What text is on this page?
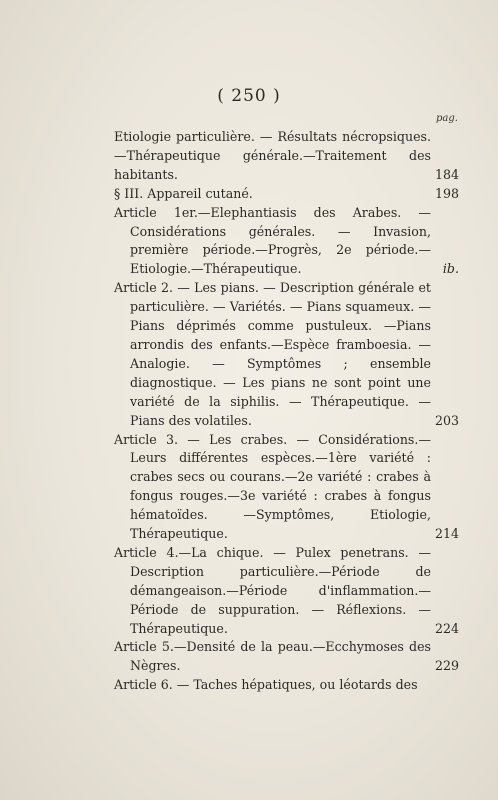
( 250 )
pag.
Etiologie particulière. — Résultats nécropsiques.—Thérapeutique générale.—Traitement des habitants.	184
§ III. Appareil cutané.	198
Article 1er.—Elephantiasis des Arabes. — Considérations générales. — Invasion, première période.—Progrès, 2e période.—Etiologie.—Thérapeutique.	ib.
Article 2. — Les pians. — Description générale et particulière. — Variétés. — Pians squameux. — Pians déprimés comme pustuleux. —Pians arrondis des enfants.—Espèce framboesia. — Analogie. — Symptômes ; ensemble diagnostique. — Les pians ne sont point une variété de la siphilis. — Thérapeutique. — Pians des volatiles.	203
Article 3. — Les crabes. — Considérations.— Leurs différentes espèces.—1ère variété : crabes secs ou courans.—2e variété : crabes à fongus rouges.—3e variété : crabes à fongus hématoïdes. —Symptômes, Etiologie, Thérapeutique.	214
Article 4.—La chique. — Pulex penetrans. — Description particulière.—Période de démangeaison.—Période d'inflammation.—Période de suppuration. — Réflexions. — Thérapeutique.	224
Article 5.—Densité de la peau.—Ecchymoses des Nègres.	229
Article 6. — Taches hépatiques, ou léotards des
